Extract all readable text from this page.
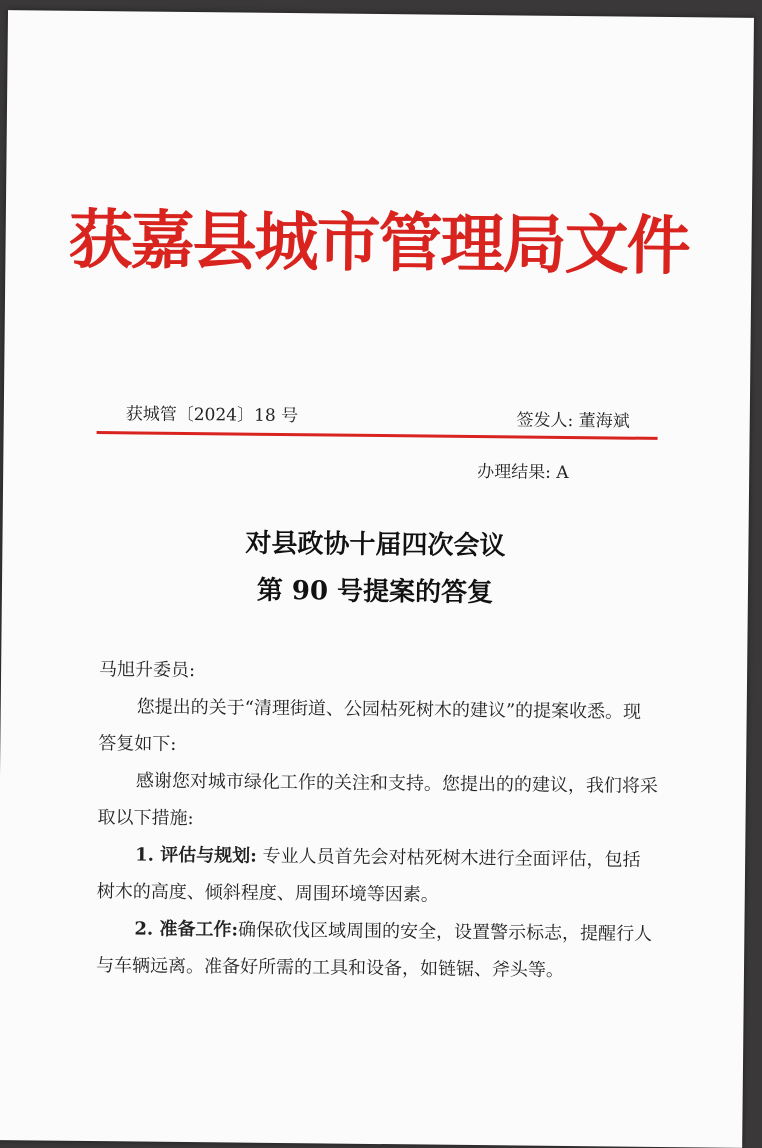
获嘉县城市管理局文件
获城管〔2024〕18 号	签发人: 董海斌
办理结果: A
对县政协十届四次会议
第 90 号提案的答复

马旭升委员:

您提出的关于“清理街道、公园枯死树木的建议”的提案收悉。现答复如下:

感谢您对城市绿化工作的关注和支持。您提出的的建议，我们将采取以下措施:

1. 评估与规划: 专业人员首先会对枯死树木进行全面评估，包括树木的高度、倾斜程度、周围环境等因素。

2. 准备工作:确保砍伐区域周围的安全，设置警示标志，提醒行人与车辆远离。准备好所需的工具和设备，如链锯、斧头等。
